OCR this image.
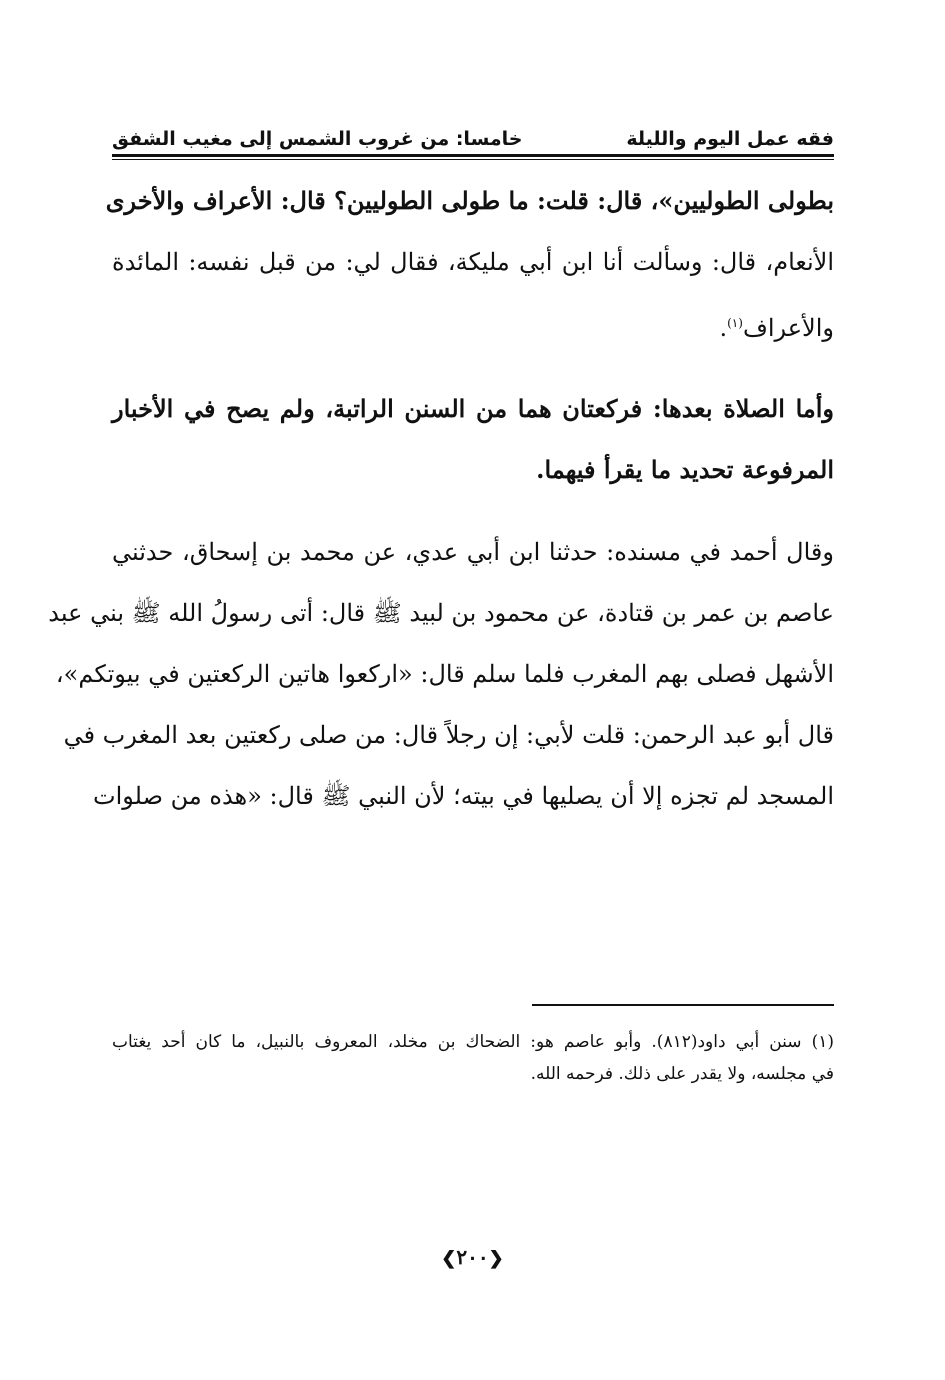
فقه عمل اليوم والليلة
خامسا: من غروب الشمس إلى مغيب الشفق
بطولى الطوليين»، قال: قلت: ما طولى الطوليين؟ قال: الأعراف والأخرى
الأنعام، قال: وسألت أنا ابن أبي مليكة، فقال لي: من قبل نفسه: المائدة
والأعراف$^{(١)}$.
وأما الصلاة بعدها: فركعتان هما من السنن الراتبة، ولم يصح في الأخبار
المرفوعة تحديد ما يقرأ فيهما.
وقال أحمد في مسنده: حدثنا ابن أبي عدي، عن محمد بن إسحاق، حدثني
عاصم بن عمر بن قتادة، عن محمود بن لبيد ﷺ قال: أتى رسولُ الله ﷺ بني عبد
الأشهل فصلى بهم المغرب فلما سلم قال: «اركعوا هاتين الركعتين في بيوتكم»،
قال أبو عبد الرحمن: قلت لأبي: إن رجلاً قال: من صلى ركعتين بعد المغرب في
المسجد لم تجزه إلا أن يصليها في بيته؛ لأن النبي ﷺ قال: «هذه من صلوات
(١) سنن أبي داود(٨١٢). وأبو عاصم هو: الضحاك بن مخلد، المعروف بالنبيل، ما كان أحد يغتاب
في مجلسه، ولا يقدر على ذلك. فرحمه الله.
❮٢٠٠❯
